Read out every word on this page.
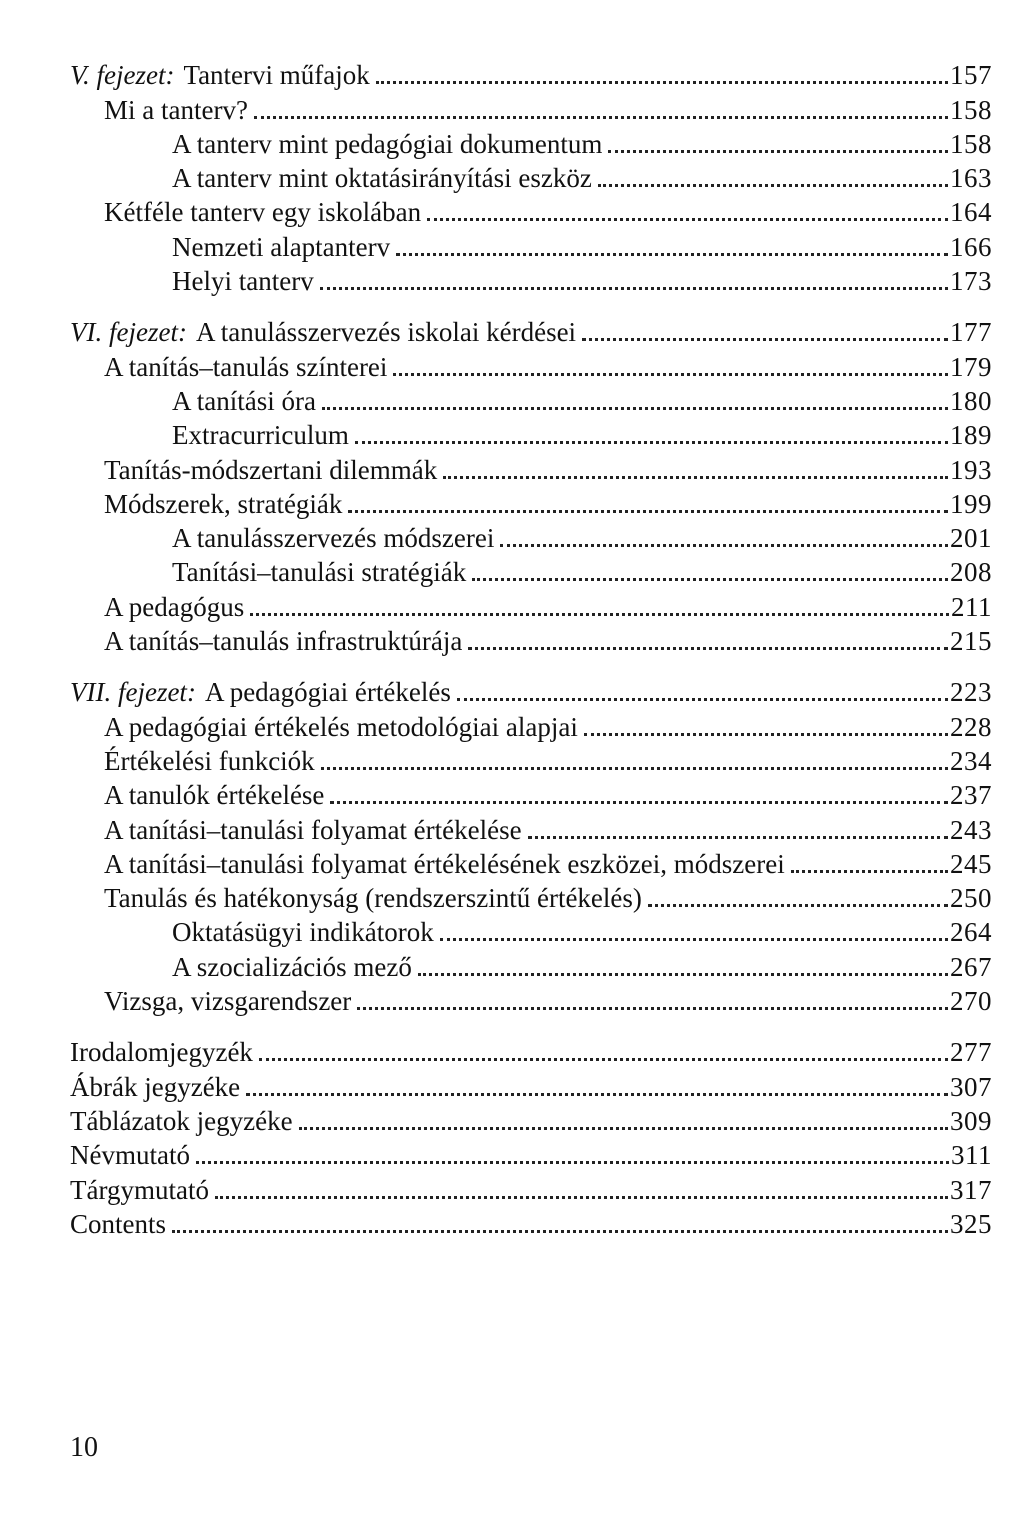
V. fejezet: Tantervi műfajok	157
Mi a tanterv?	158
A tanterv mint pedagógiai dokumentum	158
A tanterv mint oktatásirányítási eszköz	163
Kétféle tanterv egy iskolában	164
Nemzeti alaptanterv	166
Helyi tanterv	173
VI. fejezet: A tanulásszervezés iskolai kérdései	177
A tanítás–tanulás színterei	179
A tanítási óra	180
Extracurriculum	189
Tanítás-módszertani dilemmák	193
Módszerek, stratégiák	199
A tanulásszervezés módszerei	201
Tanítási–tanulási stratégiák	208
A pedagógus	211
A tanítás–tanulás infrastruktúrája	215
VII. fejezet: A pedagógiai értékelés	223
A pedagógiai értékelés metodológiai alapjai	228
Értékelési funkciók	234
A tanulók értékelése	237
A tanítási–tanulási folyamat értékelése	243
A tanítási–tanulási folyamat értékelésének eszközei, módszerei	245
Tanulás és hatékonyság (rendszerszintű értékelés)	250
Oktatásügyi indikátorok	264
A szocializációs mező	267
Vizsga, vizsgarendszer	270
Irodalomjegyzék	277
Ábrák jegyzéke	307
Táblázatok jegyzéke	309
Névmutató	311
Tárgymutató	317
Contents	325
10
